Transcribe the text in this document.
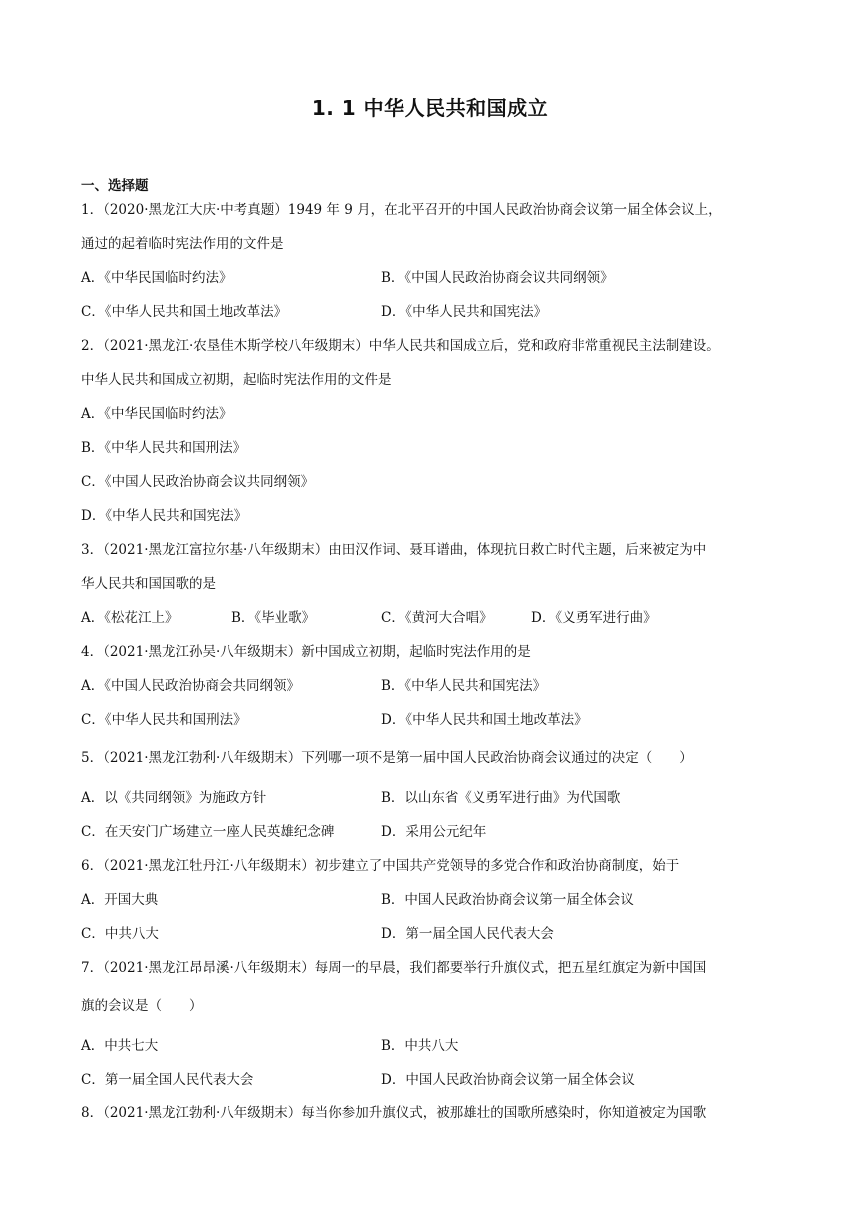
1. 1 中华人民共和国成立
一、选择题
1．（2020·黑龙江大庆·中考真题）1949 年 9 月，在北平召开的中国人民政治协商会议第一届全体会议上，
通过的起着临时宪法作用的文件是
A．《中华民国临时约法》	B．《中国人民政治协商会议共同纲领》
C．《中华人民共和国土地改革法》	D．《中华人民共和国宪法》
2．（2021·黑龙江·农垦佳木斯学校八年级期末）中华人民共和国成立后，党和政府非常重视民主法制建设。
中华人民共和国成立初期，起临时宪法作用的文件是
A．《中华民国临时约法》
B．《中华人民共和国刑法》
C．《中国人民政治协商会议共同纲领》
D．《中华人民共和国宪法》
3．（2021·黑龙江富拉尔基·八年级期末）由田汉作词、聂耳谱曲，体现抗日救亡时代主题，后来被定为中
华人民共和国国歌的是
A．《松花江上》	B．《毕业歌》	C．《黄河大合唱》	D．《义勇军进行曲》
4．（2021·黑龙江孙吴·八年级期末）新中国成立初期，起临时宪法作用的是
A．《中国人民政治协商会共同纲领》	B．《中华人民共和国宪法》
C．《中华人民共和国刑法》	D．《中华人民共和国土地改革法》
5．（2021·黑龙江勃利·八年级期末）下列哪一项不是第一届中国人民政治协商会议通过的决定（　　）
A．以《共同纲领》为施政方针	B．以山东省《义勇军进行曲》为代国歌
C．在天安门广场建立一座人民英雄纪念碑	D．采用公元纪年
6．（2021·黑龙江牡丹江·八年级期末）初步建立了中国共产党领导的多党合作和政治协商制度，始于
A．开国大典	B．中国人民政治协商会议第一届全体会议
C．中共八大	D．第一届全国人民代表大会
7．（2021·黑龙江昂昂溪·八年级期末）每周一的早晨，我们都要举行升旗仪式，把五星红旗定为新中国国
旗的会议是（　　）
A．中共七大	B．中共八大
C．第一届全国人民代表大会	D．中国人民政治协商会议第一届全体会议
8．（2021·黑龙江勃利·八年级期末）每当你参加升旗仪式，被那雄壮的国歌所感染时，你知道被定为国歌
